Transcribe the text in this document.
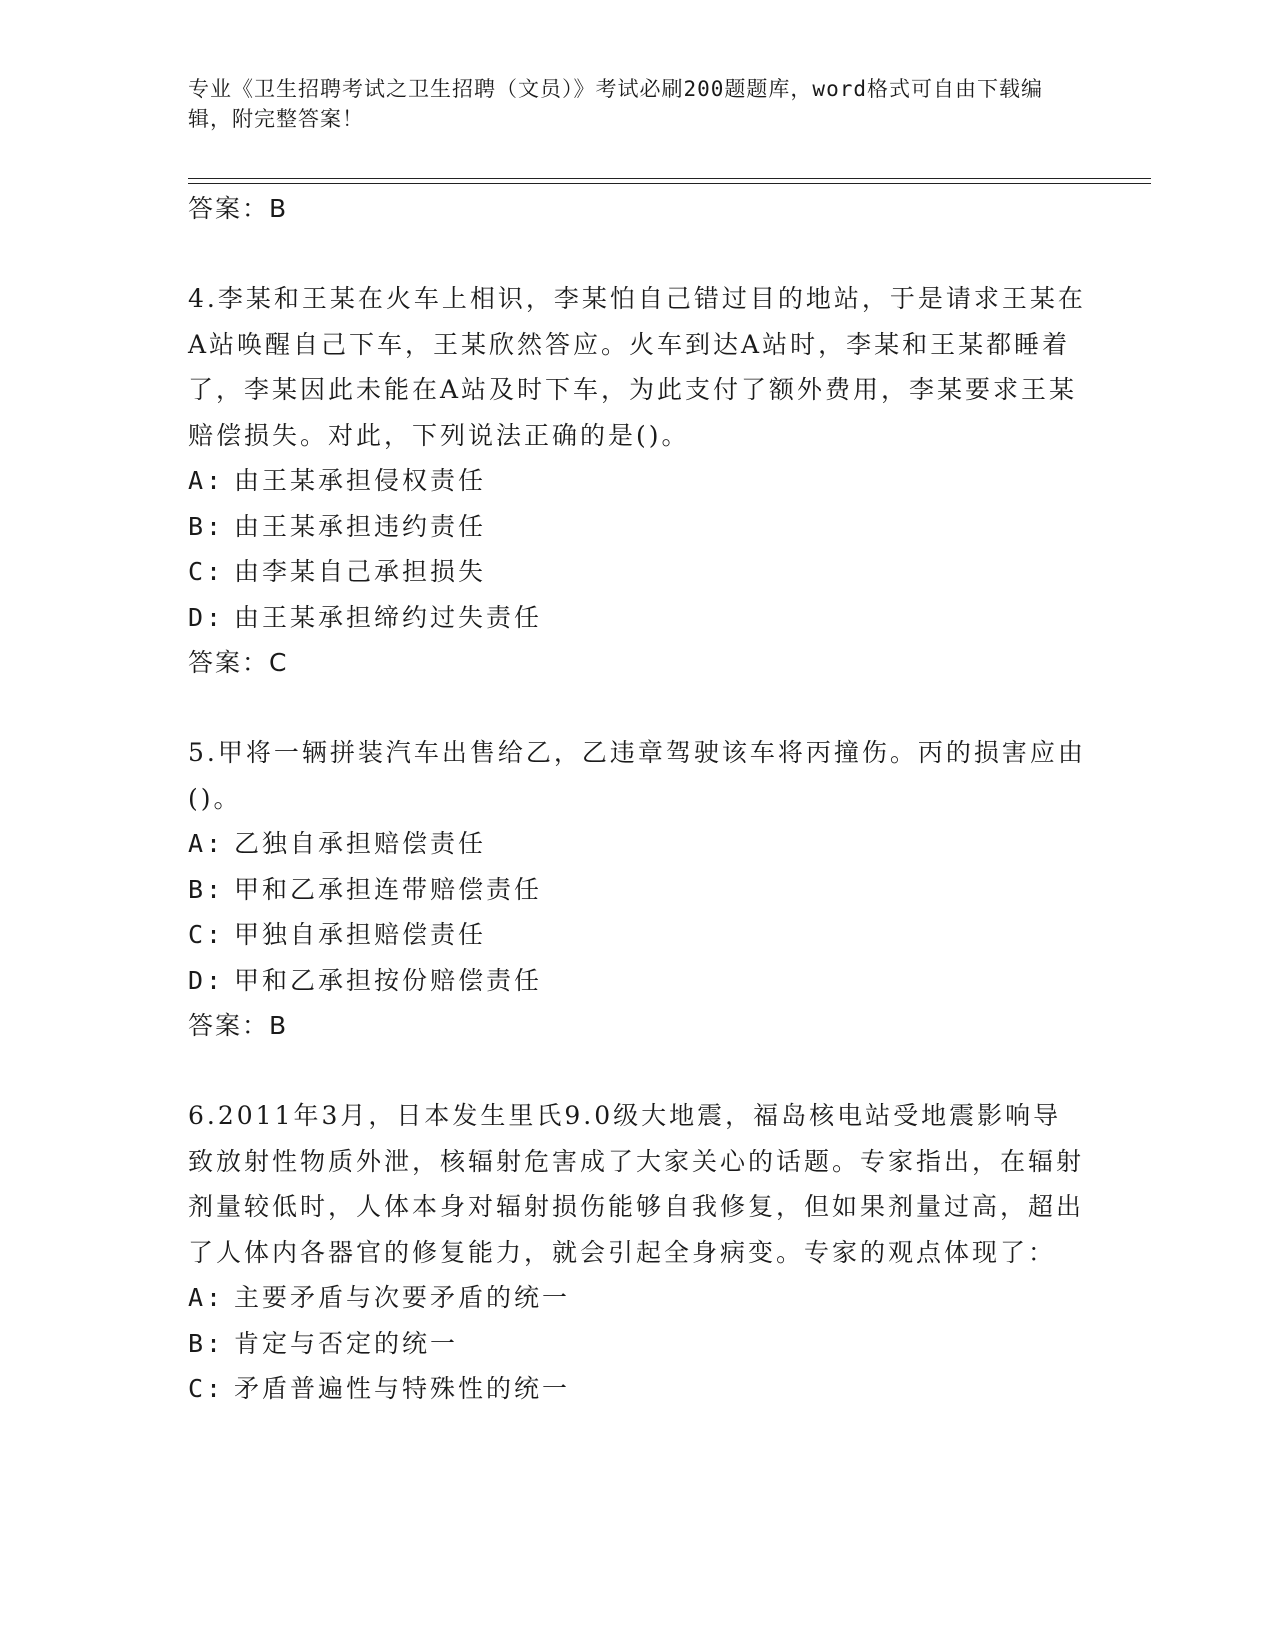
专业《卫生招聘考试之卫生招聘（文员）》考试必刷200题题库，word格式可自由下载编辑，附完整答案！
答案：B
4.李某和王某在火车上相识，李某怕自己错过目的地站，于是请求王某在A站唤醒自己下车，王某欣然答应。火车到达A站时，李某和王某都睡着了，李某因此未能在A站及时下车，为此支付了额外费用，李某要求王某赔偿损失。对此，下列说法正确的是()。
A: 由王某承担侵权责任
B: 由王某承担违约责任
C: 由李某自己承担损失
D: 由王某承担缔约过失责任
答案：C
5.甲将一辆拼装汽车出售给乙，乙违章驾驶该车将丙撞伤。丙的损害应由()。
A: 乙独自承担赔偿责任
B: 甲和乙承担连带赔偿责任
C: 甲独自承担赔偿责任
D: 甲和乙承担按份赔偿责任
答案：B
6.2011年3月，日本发生里氏9.0级大地震，福岛核电站受地震影响导致放射性物质外泄，核辐射危害成了大家关心的话题。专家指出，在辐射剂量较低时，人体本身对辐射损伤能够自我修复，但如果剂量过高，超出了人体内各器官的修复能力，就会引起全身病变。专家的观点体现了：
A: 主要矛盾与次要矛盾的统一
B: 肯定与否定的统一
C: 矛盾普遍性与特殊性的统一
